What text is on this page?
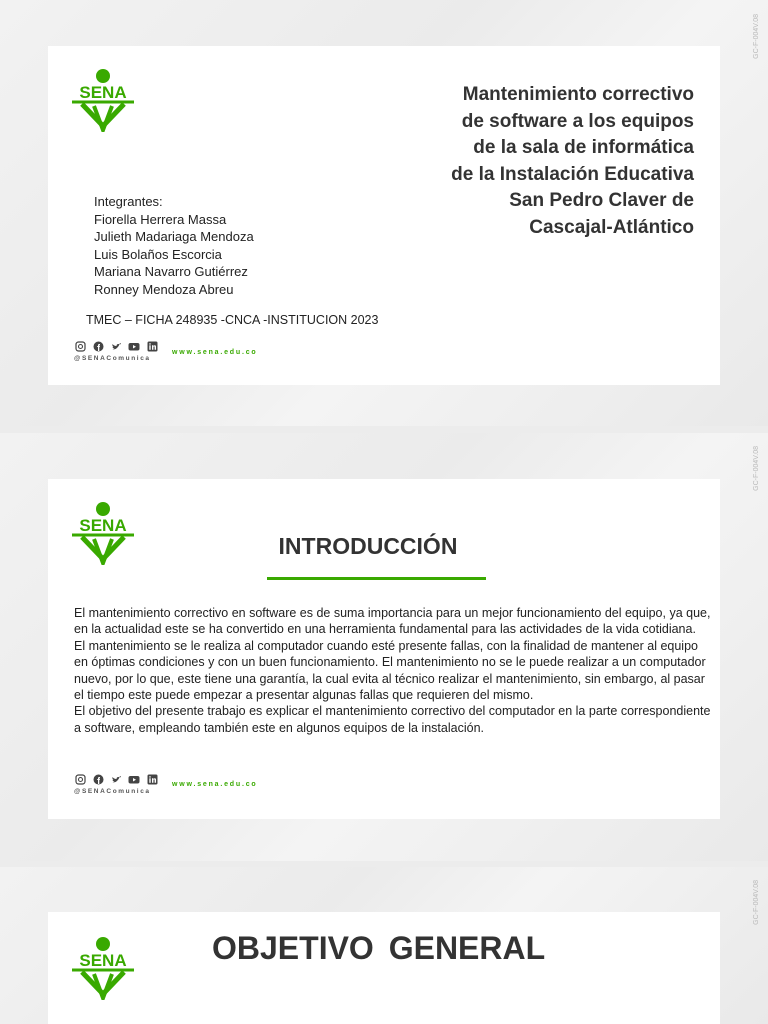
GC-F-004V.08
GC-F-004V.08
GC-F-004V.08
SENA	Mantenimiento correctivo
de software a los equipos
de la sala de informática
de la Instalación Educativa
San Pedro Claver de
Cascajal-Atlántico
Integrantes:
Fiorella Herrera Massa
Julieth Madariaga Mendoza
Luis Bolaños Escorcia
Mariana Navarro Gutiérrez
Ronney Mendoza Abreu
TMEC – FICHA 248935 -CNCA -INSTITUCION 2023
@SENAComunica
www.sena.edu.co
SENA
INTRODUCCIÓN

El mantenimiento correctivo en software es de suma importancia para un mejor funcionamiento del equipo, ya que, en la actualidad este se ha convertido en una herramienta fundamental para las actividades de la vida cotidiana.

El mantenimiento se le realiza al computador cuando esté presente fallas, con la finalidad de mantener al equipo en óptimas condiciones y con un buen funcionamiento. El mantenimiento no se le puede realizar a un computador nuevo, por lo que, este tiene una garantía, la cual evita al técnico realizar el mantenimiento, sin embargo, al pasar el tiempo este puede empezar a presentar algunas fallas que requieren del mismo.

El objetivo del presente trabajo es explicar el mantenimiento correctivo del computador en la parte correspondiente a software, empleando también este en algunos equipos de la instalación.

@SENAComunica
www.sena.edu.co
SENA	OBJETIVO GENERAL
